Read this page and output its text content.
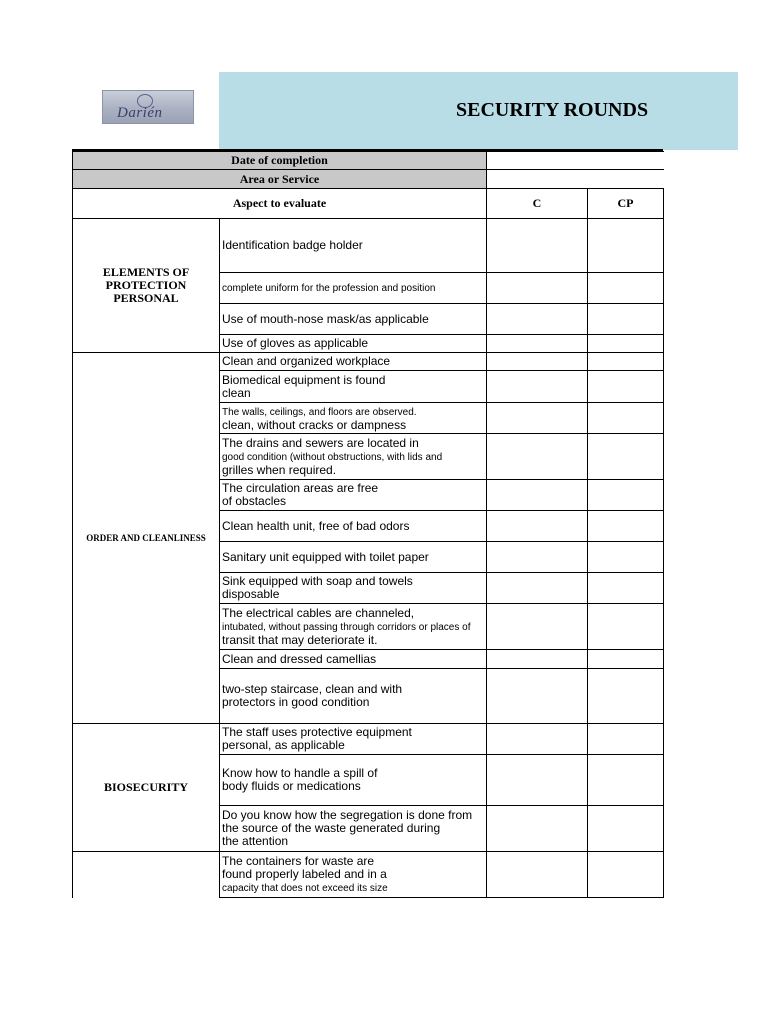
Darién	SECURITY ROUNDS
Date of completion			
Area or Service			
Aspect to evaluate		C	CP
ELEMENTS OF PROTECTION PERSONAL	Identification badge holder		
	complete uniform for the profession and position		
	Use of mouth-nose mask/as applicable		
	Use of gloves as applicable		
ORDER AND CLEANLINESS	Clean and organized workplace		
	Biomedical equipment is found
clean		
	The walls, ceilings, and floors are observed.
clean, without cracks or dampness		
	The drains and sewers are located in
good condition (without obstructions, with lids and
grilles when required.		
	The circulation areas are free
of obstacles		
	Clean health unit, free of bad odors		
	Sanitary unit equipped with toilet paper		
	Sink equipped with soap and towels
disposable		
	The electrical cables are channeled,
intubated, without passing through corridors or places of
transit that may deteriorate it.		
	Clean and dressed camellias		
	two-step staircase, clean and with
protectors in good condition		
BIOSECURITY	The staff uses protective equipment
personal, as applicable		
	Know how to handle a spill of
body fluids or medications		
	Do you know how the segregation is done from
the source of the waste generated during
the attention		
	The containers for waste are
found properly labeled and in a
capacity that does not exceed its size		
